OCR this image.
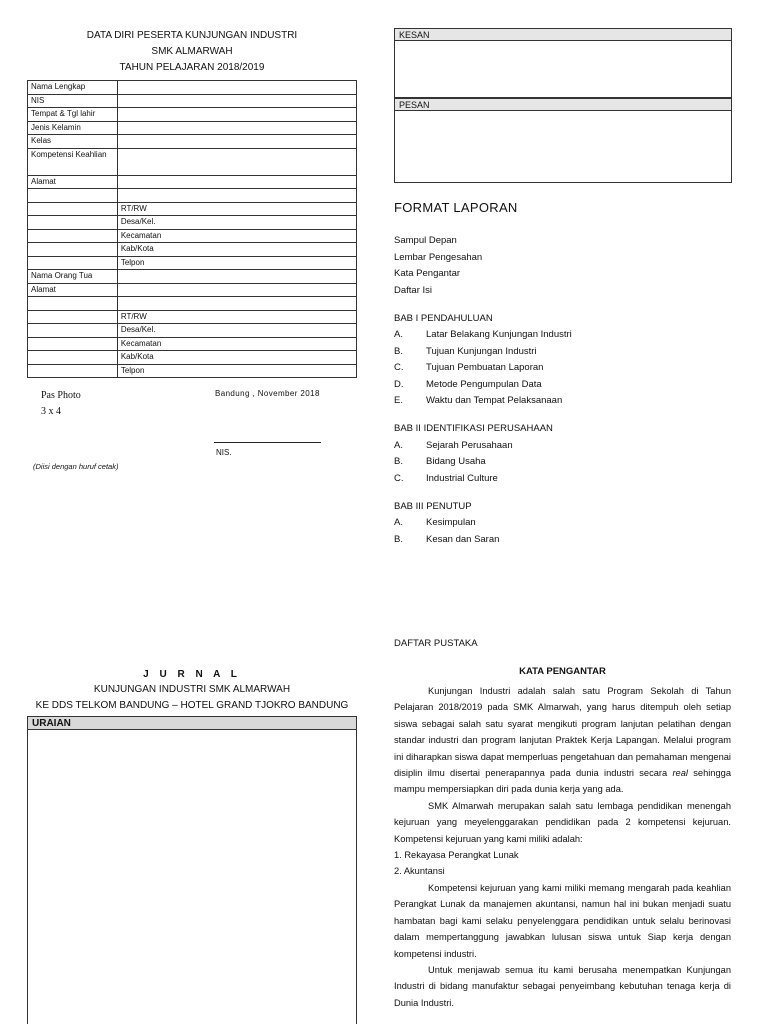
DATA DIRI PESERTA KUNJUNGAN INDUSTRI
SMK ALMARWAH
TAHUN PELAJARAN 2018/2019
Nama Lengkap	
NIS	
Tempat & Tgl lahir	
Jenis Kelamin	
Kelas	
Kompetensi Keahlian	
Alamat	

	RT/RW
	Desa/Kel.
	Kecamatan
	Kab/Kota
	Telpon
Nama Orang Tua	
Alamat	

	RT/RW
	Desa/Kel.
	Kecamatan
	Kab/Kota
	Telpon
Pas Photo
3 x 4
Bandung , November 2018
NIS.
(Diisi dengan huruf cetak)
KESAN
PESAN
FORMAT LAPORAN
Sampul Depan
Lembar Pengesahan
Kata Pengantar
Daftar Isi
BAB I PENDAHULUAN
A.	Latar Belakang Kunjungan Industri
B.	Tujuan Kunjungan Industri
C.	Tujuan Pembuatan Laporan
D.	Metode Pengumpulan Data
E.	Waktu dan Tempat Pelaksanaan
BAB II IDENTIFIKASI PERUSAHAAN
A.	Sejarah Perusahaan
B.	Bidang Usaha
C.	Industrial Culture
BAB III PENUTUP
A.	Kesimpulan
B.	Kesan dan Saran
DAFTAR PUSTAKA
J U R N A L
KUNJUNGAN INDUSTRI SMK ALMARWAH
KE DDS TELKOM BANDUNG – HOTEL GRAND TJOKRO BANDUNG
URAIAN
KATA PENGANTAR

Kunjungan Industri adalah salah satu Program Sekolah di Tahun Pelajaran 2018/2019 pada SMK Almarwah, yang harus ditempuh oleh setiap siswa sebagai salah satu syarat mengikuti program lanjutan pelatihan dengan standar industri dan program lanjutan Praktek Kerja Lapangan. Melalui program ini diharapkan siswa dapat memperluas pengetahuan dan pemahaman mengenai disiplin ilmu disertai penerapannya pada dunia industri secara real sehingga mampu mempersiapkan diri pada dunia kerja yang ada.

SMK Almarwah merupakan salah satu lembaga pendidikan menengah kejuruan yang meyelenggarakan pendidikan pada 2 kompetensi kejuruan. Kompetensi kejuruan yang kami miliki adalah:

1. Rekayasa Perangkat Lunak
2. Akuntansi

Kompetensi kejuruan yang kami miliki memang mengarah pada keahlian Perangkat Lunak da manajemen akuntansi, namun hal ini bukan menjadi suatu hambatan bagi kami selaku penyelenggara pendidikan untuk selalu berinovasi dalam mempertanggung jawabkan lulusan siswa untuk Siap kerja dengan kompetensi industri.

Untuk menjawab semua itu kami berusaha menempatkan Kunjungan Industri di bidang manufaktur sebagai penyeimbang kebutuhan tenaga kerja di Dunia Industri.
